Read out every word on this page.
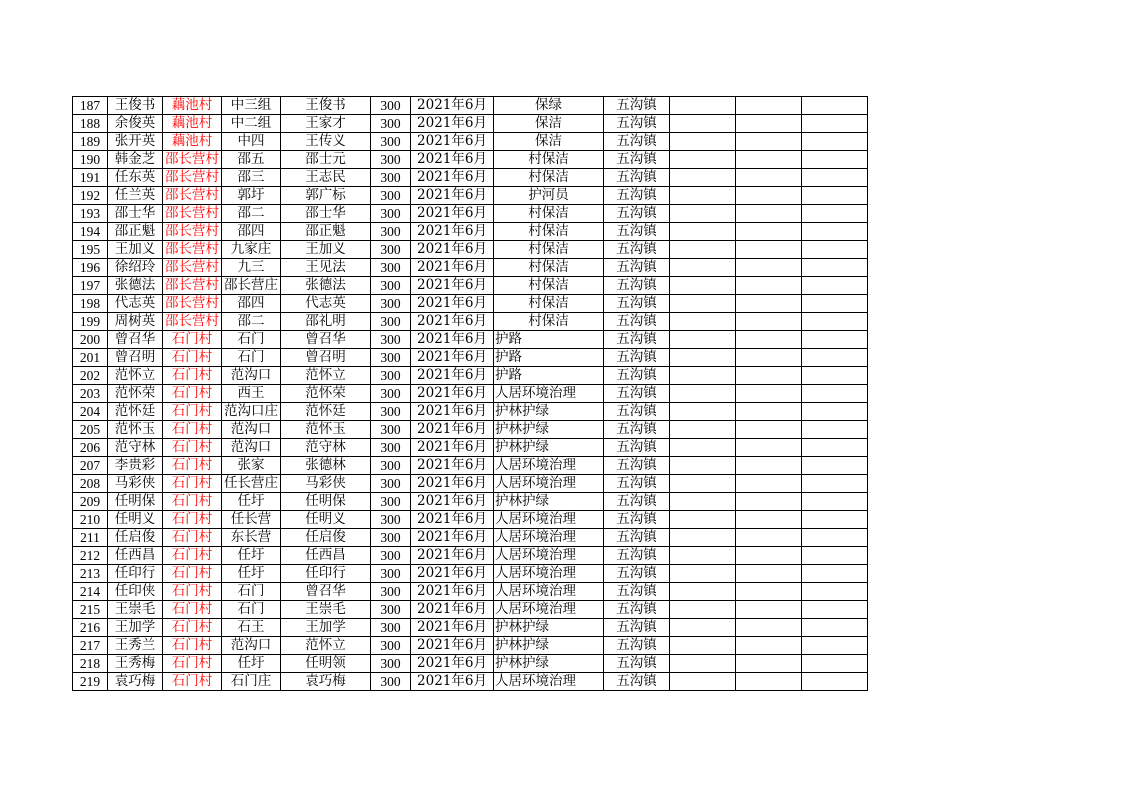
187	王俊书	藕池村	中三组	王俊书	300	2021年6月	保绿	五沟镇			
188	余俊英	藕池村	中二组	王家才	300	2021年6月	保洁	五沟镇			
189	张开英	藕池村	中四	王传义	300	2021年6月	保洁	五沟镇			
190	韩金芝	邵长营村	邵五	邵士元	300	2021年6月	村保洁	五沟镇			
191	任东英	邵长营村	邵三	王志民	300	2021年6月	村保洁	五沟镇			
192	任兰英	邵长营村	郭圩	郭广标	300	2021年6月	护河员	五沟镇			
193	邵士华	邵长营村	邵二	邵士华	300	2021年6月	村保洁	五沟镇			
194	邵正魁	邵长营村	邵四	邵正魁	300	2021年6月	村保洁	五沟镇			
195	王加义	邵长营村	九家庄	王加义	300	2021年6月	村保洁	五沟镇			
196	徐绍玲	邵长营村	九三	王见法	300	2021年6月	村保洁	五沟镇			
197	张德法	邵长营村	邵长营庄	张德法	300	2021年6月	村保洁	五沟镇			
198	代志英	邵长营村	邵四	代志英	300	2021年6月	村保洁	五沟镇			
199	周树英	邵长营村	邵二	邵礼明	300	2021年6月	村保洁	五沟镇			
200	曾召华	石门村	石门	曾召华	300	2021年6月	护路	五沟镇			
201	曾召明	石门村	石门	曾召明	300	2021年6月	护路	五沟镇			
202	范怀立	石门村	范沟口	范怀立	300	2021年6月	护路	五沟镇			
203	范怀荣	石门村	西王	范怀荣	300	2021年6月	人居环境治理	五沟镇			
204	范怀廷	石门村	范沟口庄	范怀廷	300	2021年6月	护林护绿	五沟镇			
205	范怀玉	石门村	范沟口	范怀玉	300	2021年6月	护林护绿	五沟镇			
206	范守林	石门村	范沟口	范守林	300	2021年6月	护林护绿	五沟镇			
207	李贵彩	石门村	张家	张德林	300	2021年6月	人居环境治理	五沟镇			
208	马彩侠	石门村	任长营庄	马彩侠	300	2021年6月	人居环境治理	五沟镇			
209	任明保	石门村	任圩	任明保	300	2021年6月	护林护绿	五沟镇			
210	任明义	石门村	任长营	任明义	300	2021年6月	人居环境治理	五沟镇			
211	任启俊	石门村	东长营	任启俊	300	2021年6月	人居环境治理	五沟镇			
212	任西昌	石门村	任圩	任西昌	300	2021年6月	人居环境治理	五沟镇			
213	任印行	石门村	任圩	任印行	300	2021年6月	人居环境治理	五沟镇			
214	任印侠	石门村	石门	曾召华	300	2021年6月	人居环境治理	五沟镇			
215	王崇毛	石门村	石门	王崇毛	300	2021年6月	人居环境治理	五沟镇			
216	王加学	石门村	石王	王加学	300	2021年6月	护林护绿	五沟镇			
217	王秀兰	石门村	范沟口	范怀立	300	2021年6月	护林护绿	五沟镇			
218	王秀梅	石门村	任圩	任明领	300	2021年6月	护林护绿	五沟镇			
219	袁巧梅	石门村	石门庄	袁巧梅	300	2021年6月	人居环境治理	五沟镇			
